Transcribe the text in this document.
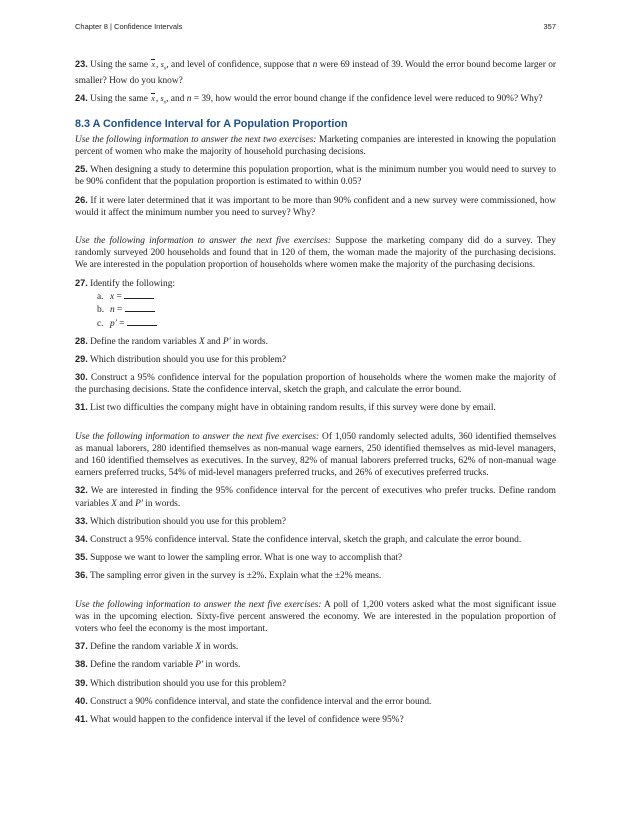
Chapter 8 | Confidence Intervals	357

23. Using the same x, $s_x$, and level of confidence, suppose that n were 69 instead of 39. Would the error bound become larger or smaller? How do you know?

24. Using the same x, $s_x$, and n = 39, how would the error bound change if the confidence level were reduced to 90%? Why?

8.3 A Confidence Interval for A Population Proportion

Use the following information to answer the next two exercises: Marketing companies are interested in knowing the population percent of women who make the majority of household purchasing decisions.

25. When designing a study to determine this population proportion, what is the minimum number you would need to survey to be 90% confident that the population proportion is estimated to within 0.05?

26. If it were later determined that it was important to be more than 90% confident and a new survey were commissioned, how would it affect the minimum number you need to survey? Why?

Use the following information to answer the next five exercises: Suppose the marketing company did do a survey. They randomly surveyed 200 households and found that in 120 of them, the woman made the majority of the purchasing decisions. We are interested in the population proportion of households where women make the majority of the purchasing decisions.

27. Identify the following:
a. x =
b. n =
c. p′ =

28. Define the random variables X and P′ in words.

29. Which distribution should you use for this problem?

30. Construct a 95% confidence interval for the population proportion of households where the women make the majority of the purchasing decisions. State the confidence interval, sketch the graph, and calculate the error bound.

31. List two difficulties the company might have in obtaining random results, if this survey were done by email.

Use the following information to answer the next five exercises: Of 1,050 randomly selected adults, 360 identified themselves as manual laborers, 280 identified themselves as non-manual wage earners, 250 identified themselves as mid-level managers, and 160 identified themselves as executives. In the survey, 82% of manual laborers preferred trucks, 62% of non-manual wage earners preferred trucks, 54% of mid-level managers preferred trucks, and 26% of executives preferred trucks.

32. We are interested in finding the 95% confidence interval for the percent of executives who prefer trucks. Define random variables X and P′ in words.

33. Which distribution should you use for this problem?

34. Construct a 95% confidence interval. State the confidence interval, sketch the graph, and calculate the error bound.

35. Suppose we want to lower the sampling error. What is one way to accomplish that?

36. The sampling error given in the survey is ±2%. Explain what the ±2% means.

Use the following information to answer the next five exercises: A poll of 1,200 voters asked what the most significant issue was in the upcoming election. Sixty-five percent answered the economy. We are interested in the population proportion of voters who feel the economy is the most important.

37. Define the random variable X in words.

38. Define the random variable P′ in words.

39. Which distribution should you use for this problem?

40. Construct a 90% confidence interval, and state the confidence interval and the error bound.

41. What would happen to the confidence interval if the level of confidence were 95%?
